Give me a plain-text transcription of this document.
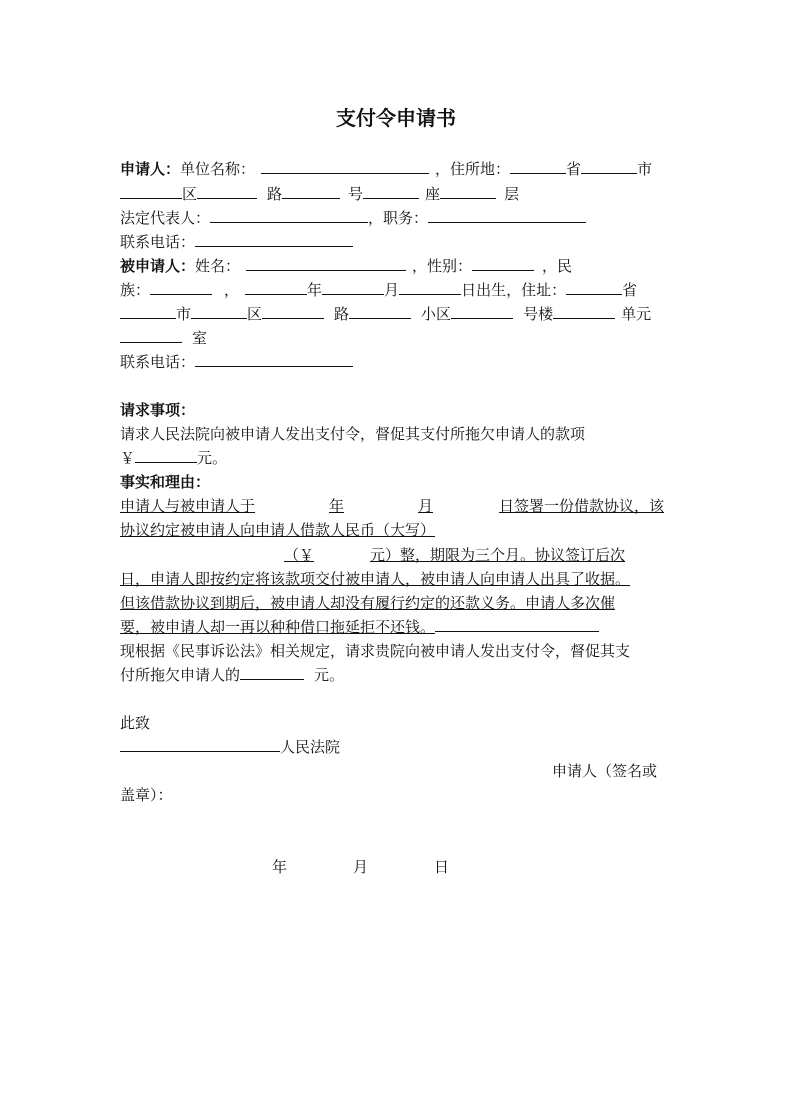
支付令申请书
申请人：单位名称：	，住所地：	省	市
区	路	号	座	层
法定代表人：	，职务：
联系电话：
被申请人：姓名：	，性别：	，民
族：	，	年	月	日出生，住址：	省
市	区	路	小区	号楼	单元
室
联系电话：
请求事项：
请求人民法院向被申请人发出支付令，督促其支付所拖欠申请人的款项
￥	元。
事实和理由：
申请人与被申请人于	年	月	日签署一份借款协议，该
协议约定被申请人向申请人借款人民币（大写）
（￥	元）整，期限为三个月。协议签订后次
日，申请人即按约定将该款项交付被申请人，被申请人向申请人出具了收据。
但该借款协议到期后，被申请人却没有履行约定的还款义务。申请人多次催
要，被申请人却一再以种种借口拖延拒不还钱。
现根据《民事诉讼法》相关规定，请求贵院向被申请人发出支付令，督促其支
付所拖欠申请人的	元。
此致
人民法院
申请人（签名或
盖章）：
年	月	日
